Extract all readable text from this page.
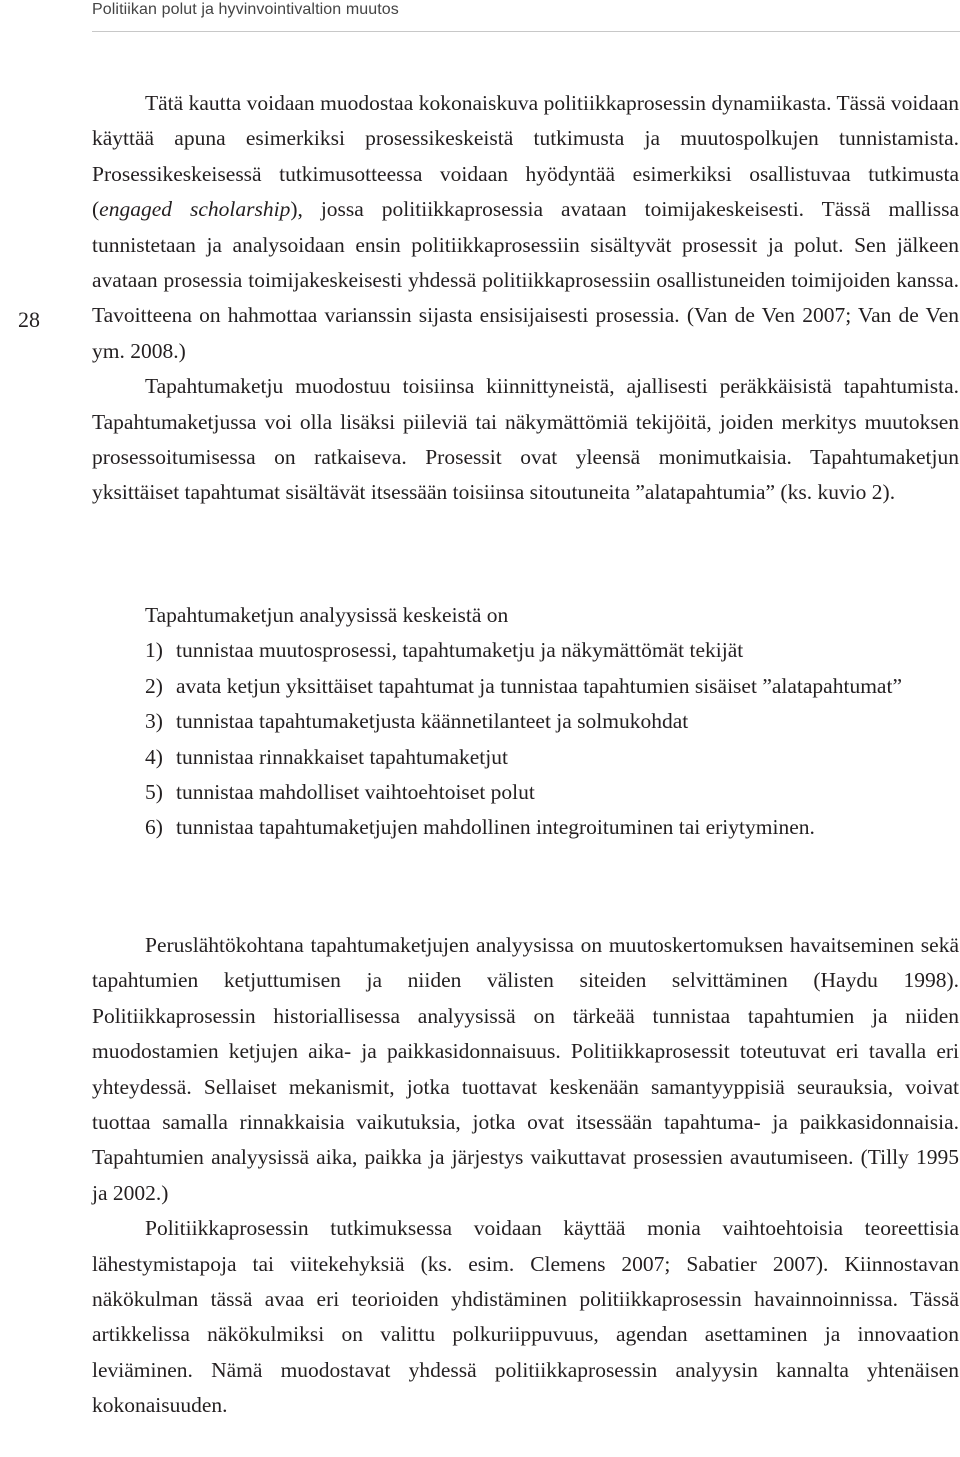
Politiikan polut ja hyvinvointivaltion muutos
28

Tätä kautta voidaan muodostaa kokonaiskuva politiikkaprosessin dynamiikasta. Tässä voidaan käyttää apuna esimerkiksi prosessikeskeistä tutkimusta ja muutospolkujen tunnistamista. Prosessikeskeisessä tutkimusotteessa voidaan hyödyntää esimerkiksi osallistuvaa tutkimusta (engaged scholarship), jossa politiikkaprosessia avataan toimijakeskeisesti. Tässä mallissa tunnistetaan ja analysoidaan ensin politiikkaprosessiin sisältyvät prosessit ja polut. Sen jälkeen avataan prosessia toimijakeskeisesti yhdessä politiikkaprosessiin osallistuneiden toimijoiden kanssa. Tavoitteena on hahmottaa varianssin sijasta ensisijaisesti prosessia. (Van de Ven 2007; Van de Ven ym. 2008.)

Tapahtumaketju muodostuu toisiinsa kiinnittyneistä, ajallisesti peräkkäisistä tapahtumista. Tapahtumaketjussa voi olla lisäksi piileviä tai näkymättömiä tekijöitä, joiden merkitys muutoksen prosessoitumisessa on ratkaiseva. Prosessit ovat yleensä monimutkaisia. Tapahtumaketjun yksittäiset tapahtumat sisältävät itsessään toisiinsa sitoutuneita ”alatapahtumia” (ks. kuvio 2).

Tapahtumaketjun analyysissä keskeistä on

1) tunnistaa muutosprosessi, tapahtumaketju ja näkymättömät tekijät
2) avata ketjun yksittäiset tapahtumat ja tunnistaa tapahtumien sisäiset ”alatapahtumat”
3) tunnistaa tapahtumaketjusta käännetilanteet ja solmukohdat
4) tunnistaa rinnakkaiset tapahtumaketjut
5) tunnistaa mahdolliset vaihtoehtoiset polut
6) tunnistaa tapahtumaketjujen mahdollinen integroituminen tai eriytyminen.

Peruslähtökohtana tapahtumaketjujen analyysissa on muutoskertomuksen havaitseminen sekä tapahtumien ketjuttumisen ja niiden välisten siteiden selvittäminen (Haydu 1998). Politiikkaprosessin historiallisessa analyysissä on tärkeää tunnistaa tapahtumien ja niiden muodostamien ketjujen aika- ja paikkasidonnaisuus. Politiikkaprosessit toteutuvat eri tavalla eri yhteydessä. Sellaiset mekanismit, jotka tuottavat keskenään samantyyppisiä seurauksia, voivat tuottaa samalla rinnakkaisia vaikutuksia, jotka ovat itsessään tapahtuma- ja paikkasidonnaisia. Tapahtumien analyysissä aika, paikka ja järjestys vaikuttavat prosessien avautumiseen. (Tilly 1995 ja 2002.)

Politiikkaprosessin tutkimuksessa voidaan käyttää monia vaihtoehtoisia teoreettisia lähestymistapoja tai viitekehyksiä (ks. esim. Clemens 2007; Sabatier 2007). Kiinnostavan näkökulman tässä avaa eri teorioiden yhdistäminen politiikkaprosessin havainnoinnissa. Tässä artikkelissa näkökulmiksi on valittu polkuriippuvuus, agendan asettaminen ja innovaation leviäminen. Nämä muodostavat yhdessä politiikkaprosessin analyysin kannalta yhtenäisen kokonaisuuden.
